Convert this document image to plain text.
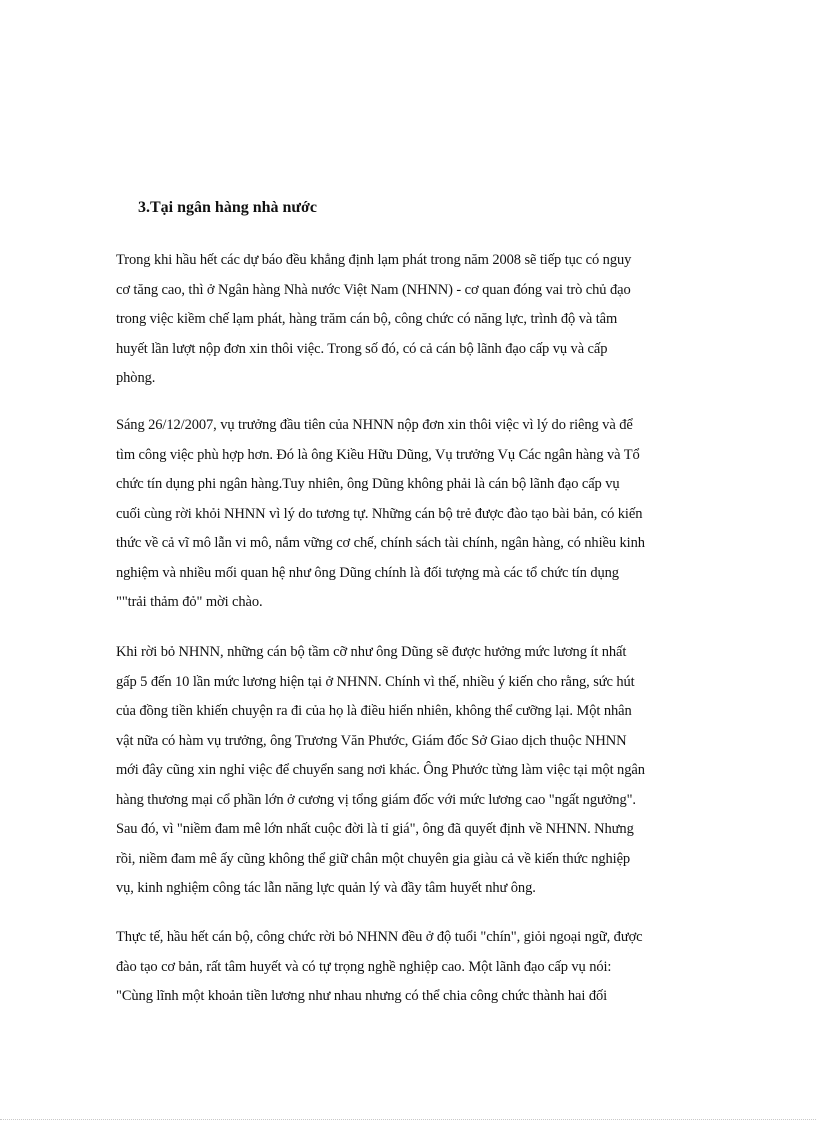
3.Tại ngân hàng nhà nước
Trong khi hầu hết các dự báo đều khẳng định lạm phát trong năm 2008 sẽ tiếp tục có nguy
cơ tăng cao, thì ở Ngân hàng Nhà nước Việt Nam (NHNN) - cơ quan đóng vai trò chủ đạo
trong việc kiềm chế lạm phát, hàng trăm cán bộ, công chức có năng lực, trình độ và tâm
huyết lần lượt nộp đơn xin thôi việc. Trong số đó, có cả cán bộ lãnh đạo cấp vụ và cấp
phòng.
Sáng 26/12/2007, vụ trưởng đầu tiên của NHNN nộp đơn xin thôi việc vì lý do riêng và để
tìm công việc phù hợp hơn. Đó là ông Kiều Hữu Dũng, Vụ trưởng Vụ Các ngân hàng và Tổ
chức tín dụng phi ngân hàng.Tuy nhiên, ông Dũng không phải là cán bộ lãnh đạo cấp vụ
cuối cùng rời khỏi NHNN vì lý do tương tự. Những cán bộ trẻ được đào tạo bài bản, có kiến
thức về cả vĩ mô lẫn vi mô, nắm vững cơ chế, chính sách tài chính, ngân hàng, có nhiều kinh
nghiệm và nhiều mối quan hệ như ông Dũng chính là đối tượng mà các tổ chức tín dụng
""trải thảm đỏ" mời chào.
Khi rời bỏ NHNN, những cán bộ tầm cỡ như ông Dũng sẽ được hưởng mức lương ít nhất
gấp 5 đến 10 lần mức lương hiện tại ở NHNN. Chính vì thế, nhiều ý kiến cho rằng, sức hút
của đồng tiền khiến chuyện ra đi của họ là điều hiển nhiên, không thể cưỡng lại. Một nhân
vật nữa có hàm vụ trưởng, ông Trương Văn Phước, Giám đốc Sở Giao dịch thuộc NHNN
mới đây cũng xin nghỉ việc để chuyển sang nơi khác. Ông Phước từng làm việc tại một ngân
hàng thương mại cổ phần lớn ở cương vị tổng giám đốc với mức lương cao "ngất ngưởng".
Sau đó, vì "niềm đam mê lớn nhất cuộc đời là tỉ giá", ông đã quyết định về NHNN. Nhưng
rồi, niềm đam mê ấy cũng không thể giữ chân một chuyên gia giàu cả về kiến thức nghiệp
vụ, kinh nghiệm công tác lẫn năng lực quản lý và đầy tâm huyết như ông.
Thực tế, hầu hết cán bộ, công chức rời bỏ NHNN đều ở độ tuổi "chín", giỏi ngoại ngữ, được
đào tạo cơ bản, rất tâm huyết và có tự trọng nghề nghiệp cao. Một lãnh đạo cấp vụ nói:
"Cùng lĩnh một khoản tiền lương như nhau nhưng có thể chia công chức thành hai đối
